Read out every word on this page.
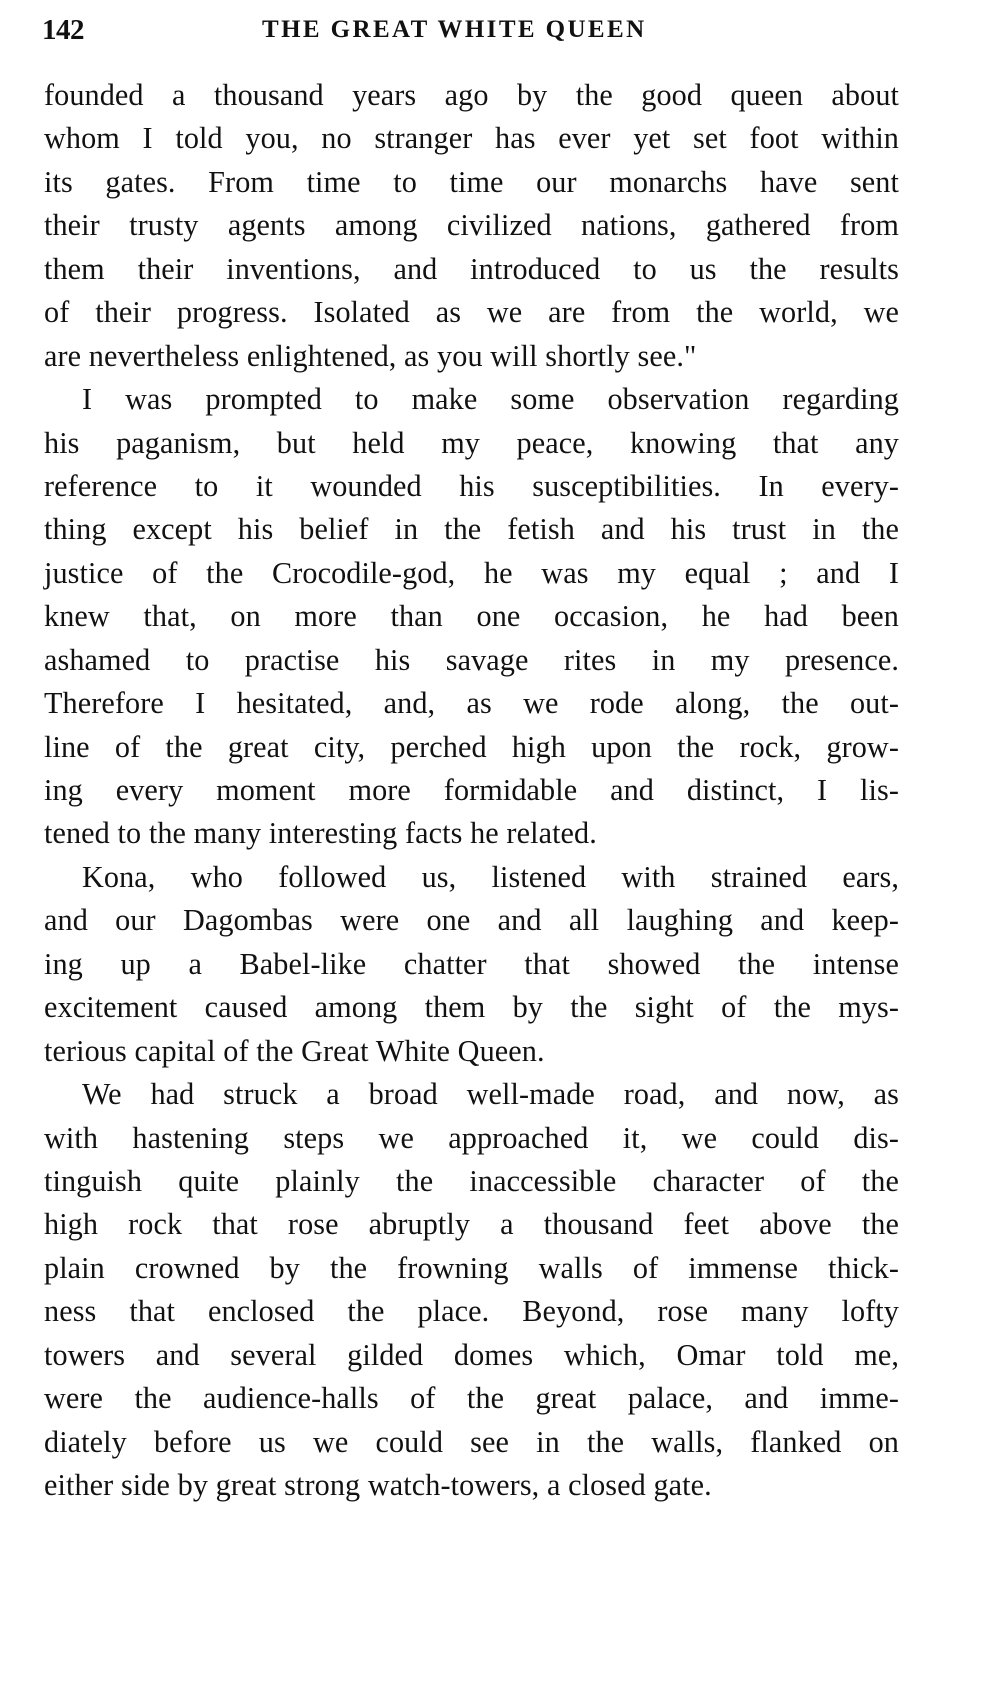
142	THE GREAT WHITE QUEEN
founded a thousand years ago by the good queen about
whom I told you, no stranger has ever yet set foot within
its gates. From time to time our monarchs have sent
their trusty agents among civilized nations, gathered from
them their inventions, and introduced to us the results
of their progress. Isolated as we are from the world, we
are nevertheless enlightened, as you will shortly see."
I was prompted to make some observation regarding
his paganism, but held my peace, knowing that any
reference to it wounded his susceptibilities. In every-
thing except his belief in the fetish and his trust in the
justice of the Crocodile-god, he was my equal ; and I
knew that, on more than one occasion, he had been
ashamed to practise his savage rites in my presence.
Therefore I hesitated, and, as we rode along, the out-
line of the great city, perched high upon the rock, grow-
ing every moment more formidable and distinct, I lis-
tened to the many interesting facts he related.
Kona, who followed us, listened with strained ears,
and our Dagombas were one and all laughing and keep-
ing up a Babel-like chatter that showed the intense
excitement caused among them by the sight of the mys-
terious capital of the Great White Queen.
We had struck a broad well-made road, and now, as
with hastening steps we approached it, we could dis-
tinguish quite plainly the inaccessible character of the
high rock that rose abruptly a thousand feet above the
plain crowned by the frowning walls of immense thick-
ness that enclosed the place. Beyond, rose many lofty
towers and several gilded domes which, Omar told me,
were the audience-halls of the great palace, and imme-
diately before us we could see in the walls, flanked on
either side by great strong watch-towers, a closed gate.
